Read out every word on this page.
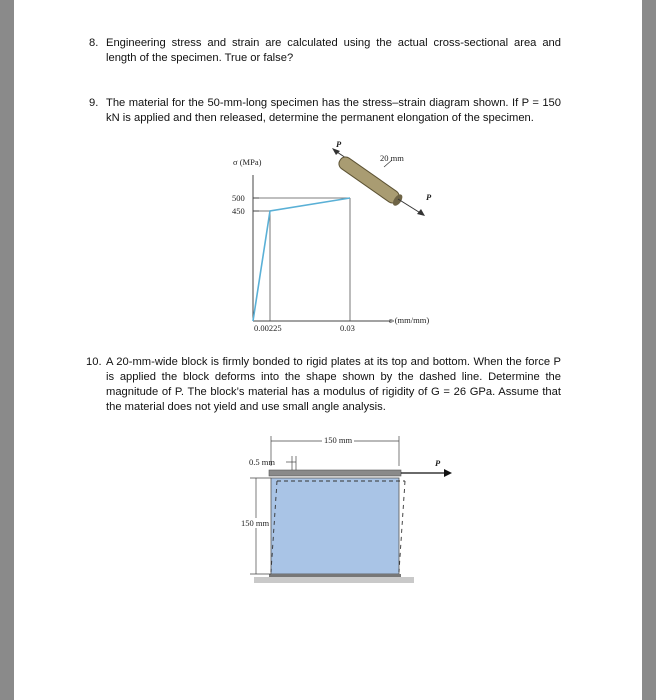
8. Engineering stress and strain are calculated using the actual cross-sectional area and length of the specimen. True or false?

9. The material for the 50-mm-long specimen has the stress–strain diagram shown. If P = 150 kN is applied and then released, determine the permanent elongation of the specimen.

σ (MPa)
ε (mm/mm)
500
450
0.00225	0.03
20 mm
P
P
10. A 20-mm-wide block is firmly bonded to rigid plates at its top and bottom. When the force P is applied the block deforms into the shape shown by the dashed line. Determine the magnitude of P. The block’s material has a modulus of rigidity of G = 26 GPa. Assume that the material does not yield and use small angle analysis.

150 mm
0.5 mm
150 mm
P
